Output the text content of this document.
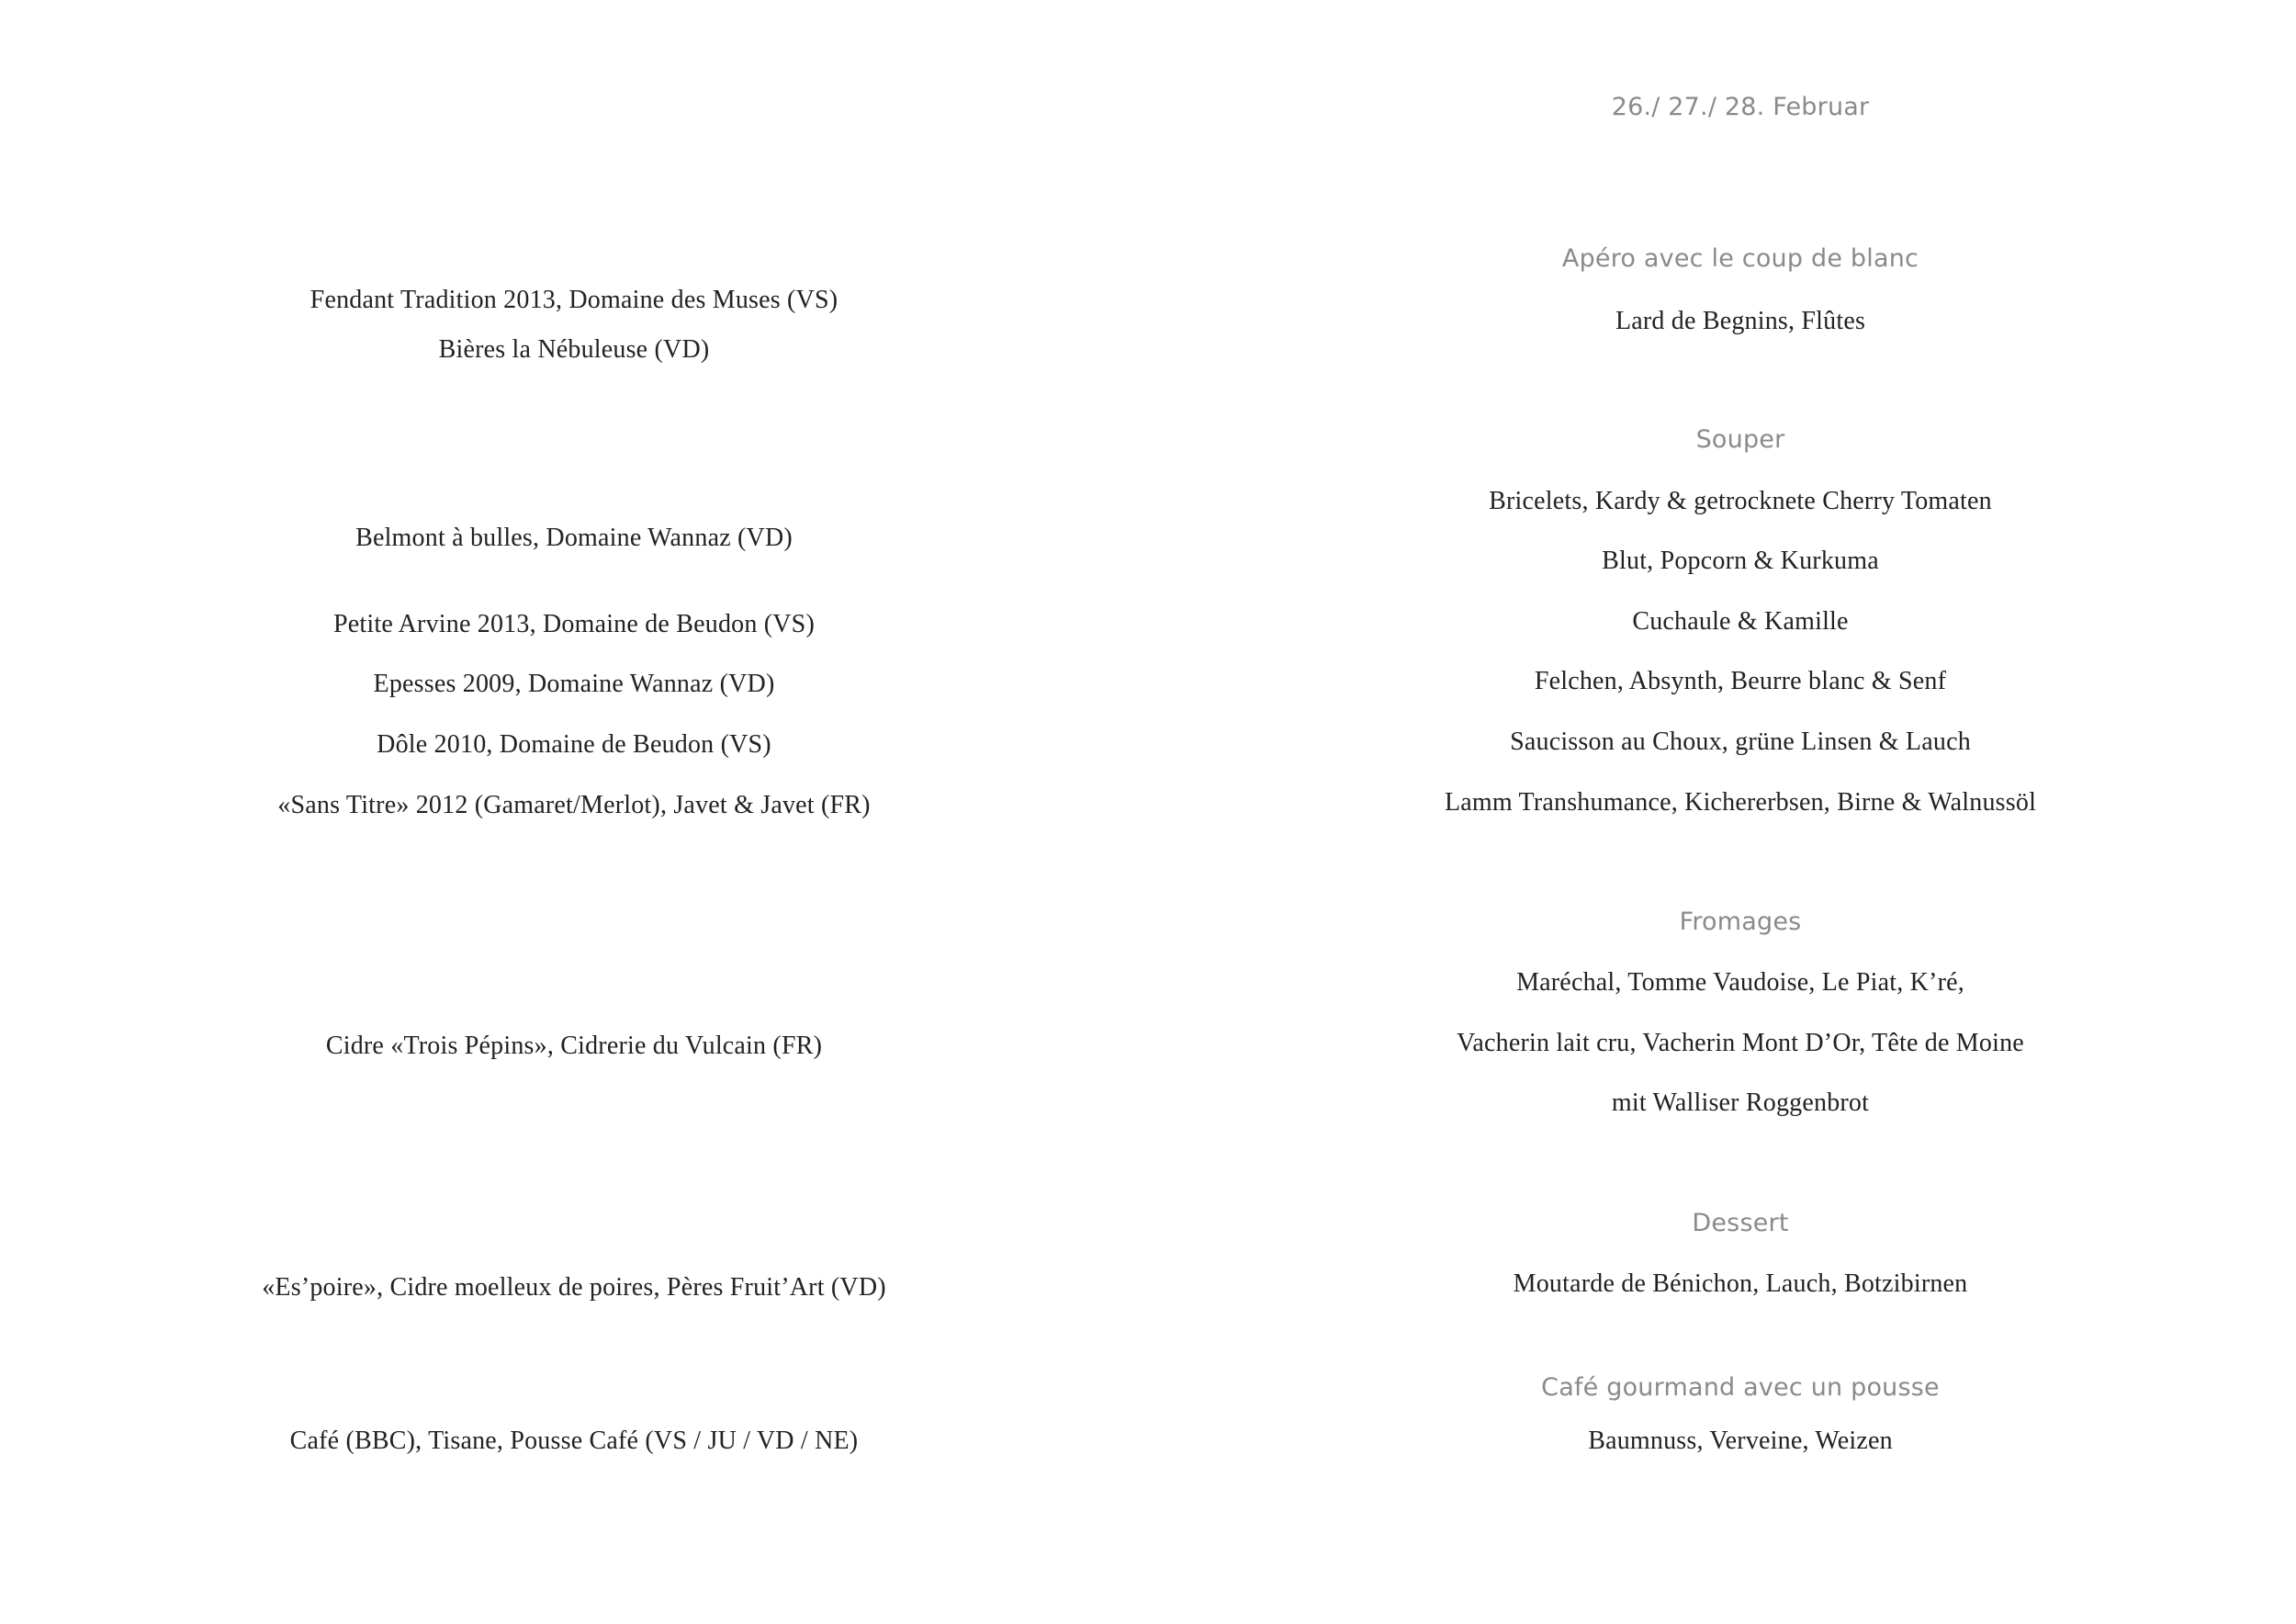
Fendant Tradition 2013, Domaine des Muses (VS)
Bières la Nébuleuse (VD)
Belmont à bulles, Domaine Wannaz (VD)
Petite Arvine 2013, Domaine de Beudon (VS)
Epesses 2009, Domaine Wannaz (VD)
Dôle 2010, Domaine de Beudon (VS)
«Sans Titre» 2012 (Gamaret/Merlot), Javet & Javet (FR)
Cidre «Trois Pépins», Cidrerie du Vulcain (FR)
«Es’poire», Cidre moelleux de poires, Pères Fruit’Art (VD)
Café (BBC), Tisane, Pousse Café (VS / JU / VD / NE)
26./ 27./ 28. Februar
Apéro avec le coup de blanc
Lard de Begnins, Flûtes
Souper
Bricelets, Kardy & getrocknete Cherry Tomaten
Blut, Popcorn & Kurkuma
Cuchaule & Kamille
Felchen, Absynth, Beurre blanc & Senf
Saucisson au Choux, grüne Linsen & Lauch
Lamm Transhumance, Kichererbsen, Birne & Walnussöl
Fromages
Maréchal, Tomme Vaudoise, Le Piat, K’ré,
Vacherin lait cru, Vacherin Mont D’Or, Tête de Moine
mit Walliser Roggenbrot
Dessert
Moutarde de Bénichon, Lauch, Botzibirnen
Café gourmand avec un pousse
Baumnuss, Verveine, Weizen
